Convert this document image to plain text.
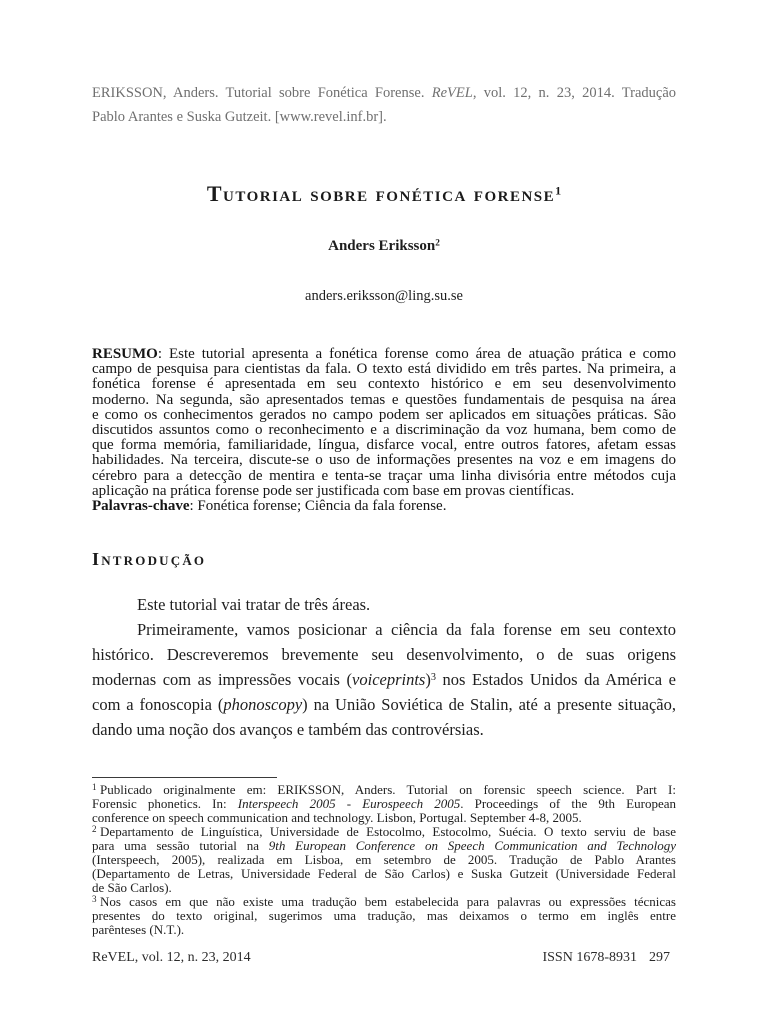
ERIKSSON, Anders. Tutorial sobre Fonética Forense. ReVEL, vol. 12, n. 23, 2014. Tradução
Pablo Arantes e Suska Gutzeit. [www.revel.inf.br].
Tutorial sobre fonética forense$^1$
Anders Eriksson$^2$
anders.eriksson@ling.su.se
RESUMO: Este tutorial apresenta a fonética forense como área de atuação prática e como
campo de pesquisa para cientistas da fala. O texto está dividido em três partes. Na primeira, a
fonética forense é apresentada em seu contexto histórico e em seu desenvolvimento
moderno. Na segunda, são apresentados temas e questões fundamentais de pesquisa na área
e como os conhecimentos gerados no campo podem ser aplicados em situações práticas. São
discutidos assuntos como o reconhecimento e a discriminação da voz humana, bem como de
que forma memória, familiaridade, língua, disfarce vocal, entre outros fatores, afetam essas
habilidades. Na terceira, discute-se o uso de informações presentes na voz e em imagens do
cérebro para a detecção de mentira e tenta-se traçar uma linha divisória entre métodos cuja
aplicação na prática forense pode ser justificada com base em provas científicas.
Palavras-chave: Fonética forense; Ciência da fala forense.
Introdução
Este tutorial vai tratar de três áreas.
Primeiramente, vamos posicionar a ciência da fala forense em seu contexto
histórico. Descreveremos brevemente seu desenvolvimento, o de suas origens
modernas com as impressões vocais (voiceprints)$^3$ nos Estados Unidos da América e
com a fonoscopia (phonoscopy) na União Soviética de Stalin, até a presente situação,
dando uma noção dos avanços e também das controvérsias.
$^1$ Publicado originalmente em: ERIKSSON, Anders. Tutorial on forensic speech science. Part I:
Forensic phonetics. In: Interspeech 2005 - Eurospeech 2005. Proceedings of the 9th European
conference on speech communication and technology. Lisbon, Portugal. September 4-8, 2005.
$^2$ Departamento de Linguística, Universidade de Estocolmo, Estocolmo, Suécia. O texto serviu de base
para uma sessão tutorial na 9th European Conference on Speech Communication and Technology
(Interspeech, 2005), realizada em Lisboa, em setembro de 2005. Tradução de Pablo Arantes
(Departamento de Letras, Universidade Federal de São Carlos) e Suska Gutzeit (Universidade Federal
de São Carlos).
$^3$ Nos casos em que não existe uma tradução bem estabelecida para palavras ou expressões técnicas
presentes do texto original, sugerimos uma tradução, mas deixamos o termo em inglês entre
parênteses (N.T.).
ReVEL, vol. 12, n. 23, 2014	ISSN 1678-8931 297
